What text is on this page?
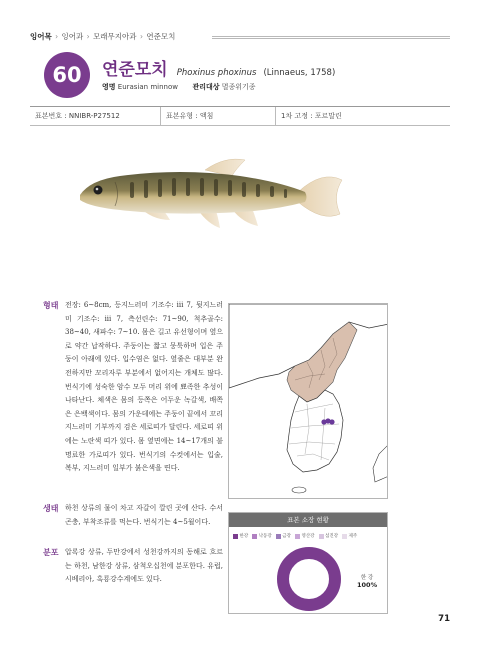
잉어목 › 잉어과 › 모래무지아과 › 연준모치
60	연준모치 Phoxinus phoxinus (Linnaeus, 1758)
영명 Eurasian minnow 관리대상 멸종위기종
표본번호 : NNIBR-P27512	표본유형 : 액침	1차 고정 : 포르말린
형태 전장: 6~8cm, 등지느러미 기조수: iii 7, 뒷지느러미 기조수: iii 7, 측선린수: 71~90, 척추골수: 38~40, 새파수: 7~10. 몸은 길고 유선형이며 옆으로 약간 납작하다. 주둥이는 짧고 뭉툭하며 입은 주둥이 아래에 있다. 입수염은 없다. 옆줄은 대부분 완전하지만 꼬리자루 부분에서 없어지는 개체도 많다. 번식기에 성숙한 암수 모두 머리 위에 뾰족한 추성이 나타난다. 체색은 몸의 등쪽은 어두운 녹갈색, 배쪽은 은백색이다. 몸의 가운데에는 주둥이 끝에서 꼬리지느러미 기부까지 검은 세로띠가 달린다. 세로띠 위에는 노란색 띠가 있다. 몸 옆면에는 14~17개의 불명료한 가로띠가 있다. 번식기의 수컷에서는 입술, 복부, 지느러미 일부가 붉은색을 띤다.
생태 하천 상류의 물이 차고 자갈이 깔린 곳에 산다. 수서곤충, 부착조류를 먹는다. 번식기는 4~5월이다.
분포 압록강 상류, 두만강에서 성천강까지의 동해로 흐르는 하천, 남한강 상류, 삼척오십천에 분포한다. 유럽, 시베리아, 흑룡강수계에도 있다.
표본 소장 현황
한강 낙동강 금강 영산강 섬진강 제주
한 강
100%
71
